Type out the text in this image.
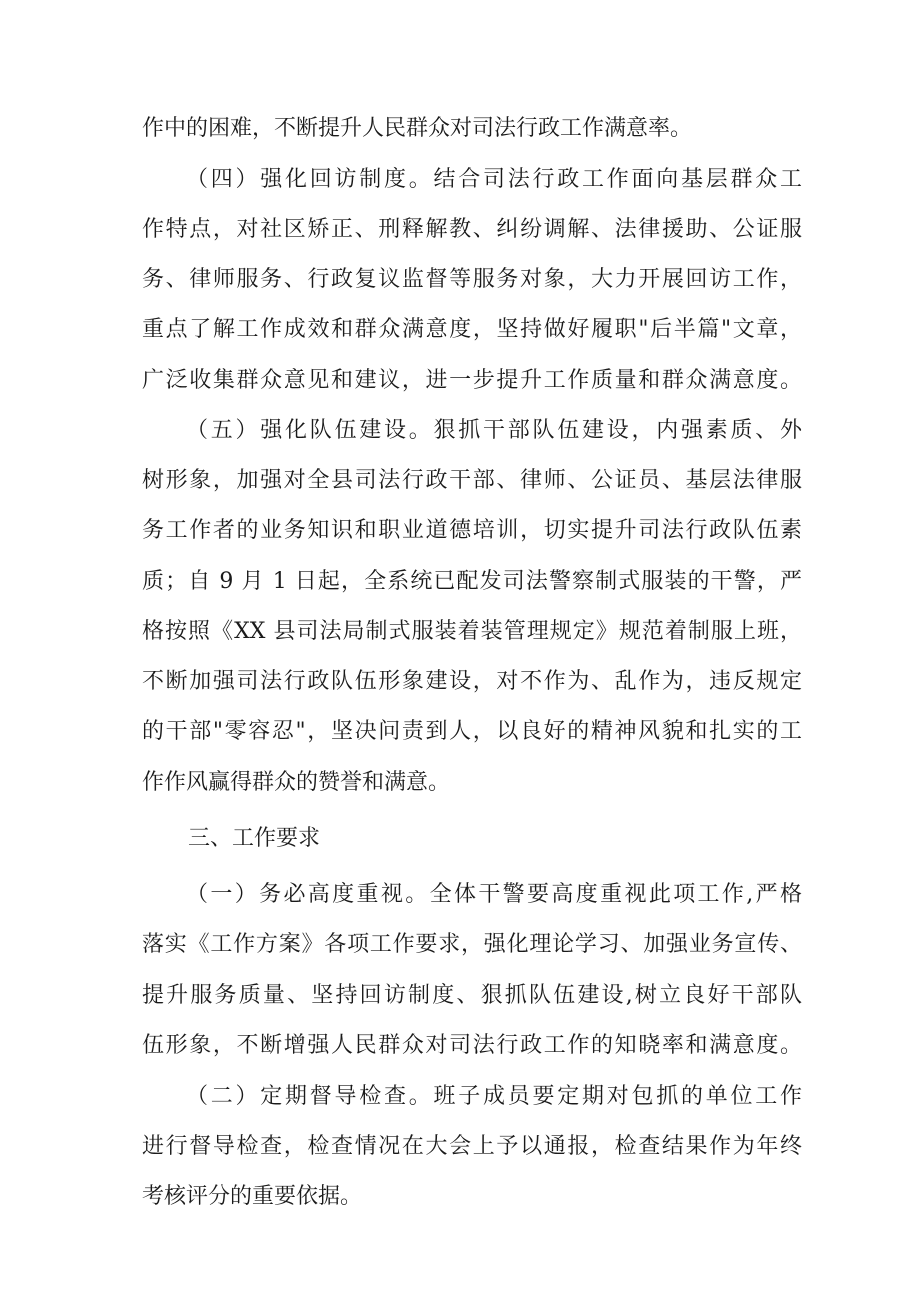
作中的困难，不断提升人民群众对司法行政工作满意率。
（四）强化回访制度。结合司法行政工作面向基层群众工
作特点，对社区矫正、刑释解教、纠纷调解、法律援助、公证服
务、律师服务、行政复议监督等服务对象，大力开展回访工作，
重点了解工作成效和群众满意度，坚持做好履职"后半篇"文章，
广泛收集群众意见和建议，进一步提升工作质量和群众满意度。
（五）强化队伍建设。狠抓干部队伍建设，内强素质、外
树形象，加强对全县司法行政干部、律师、公证员、基层法律服
务工作者的业务知识和职业道德培训，切实提升司法行政队伍素
质；自 9 月 1 日起，全系统已配发司法警察制式服装的干警，严
格按照《XX 县司法局制式服装着装管理规定》规范着制服上班，
不断加强司法行政队伍形象建设，对不作为、乱作为，违反规定
的干部"零容忍"，坚决问责到人，以良好的精神风貌和扎实的工
作作风赢得群众的赞誉和满意。
三、工作要求
（一）务必高度重视。全体干警要高度重视此项工作,严格
落实《工作方案》各项工作要求，强化理论学习、加强业务宣传、
提升服务质量、坚持回访制度、狠抓队伍建设,树立良好干部队
伍形象，不断增强人民群众对司法行政工作的知晓率和满意度。
（二）定期督导检查。班子成员要定期对包抓的单位工作
进行督导检查，检查情况在大会上予以通报，检查结果作为年终
考核评分的重要依据。
